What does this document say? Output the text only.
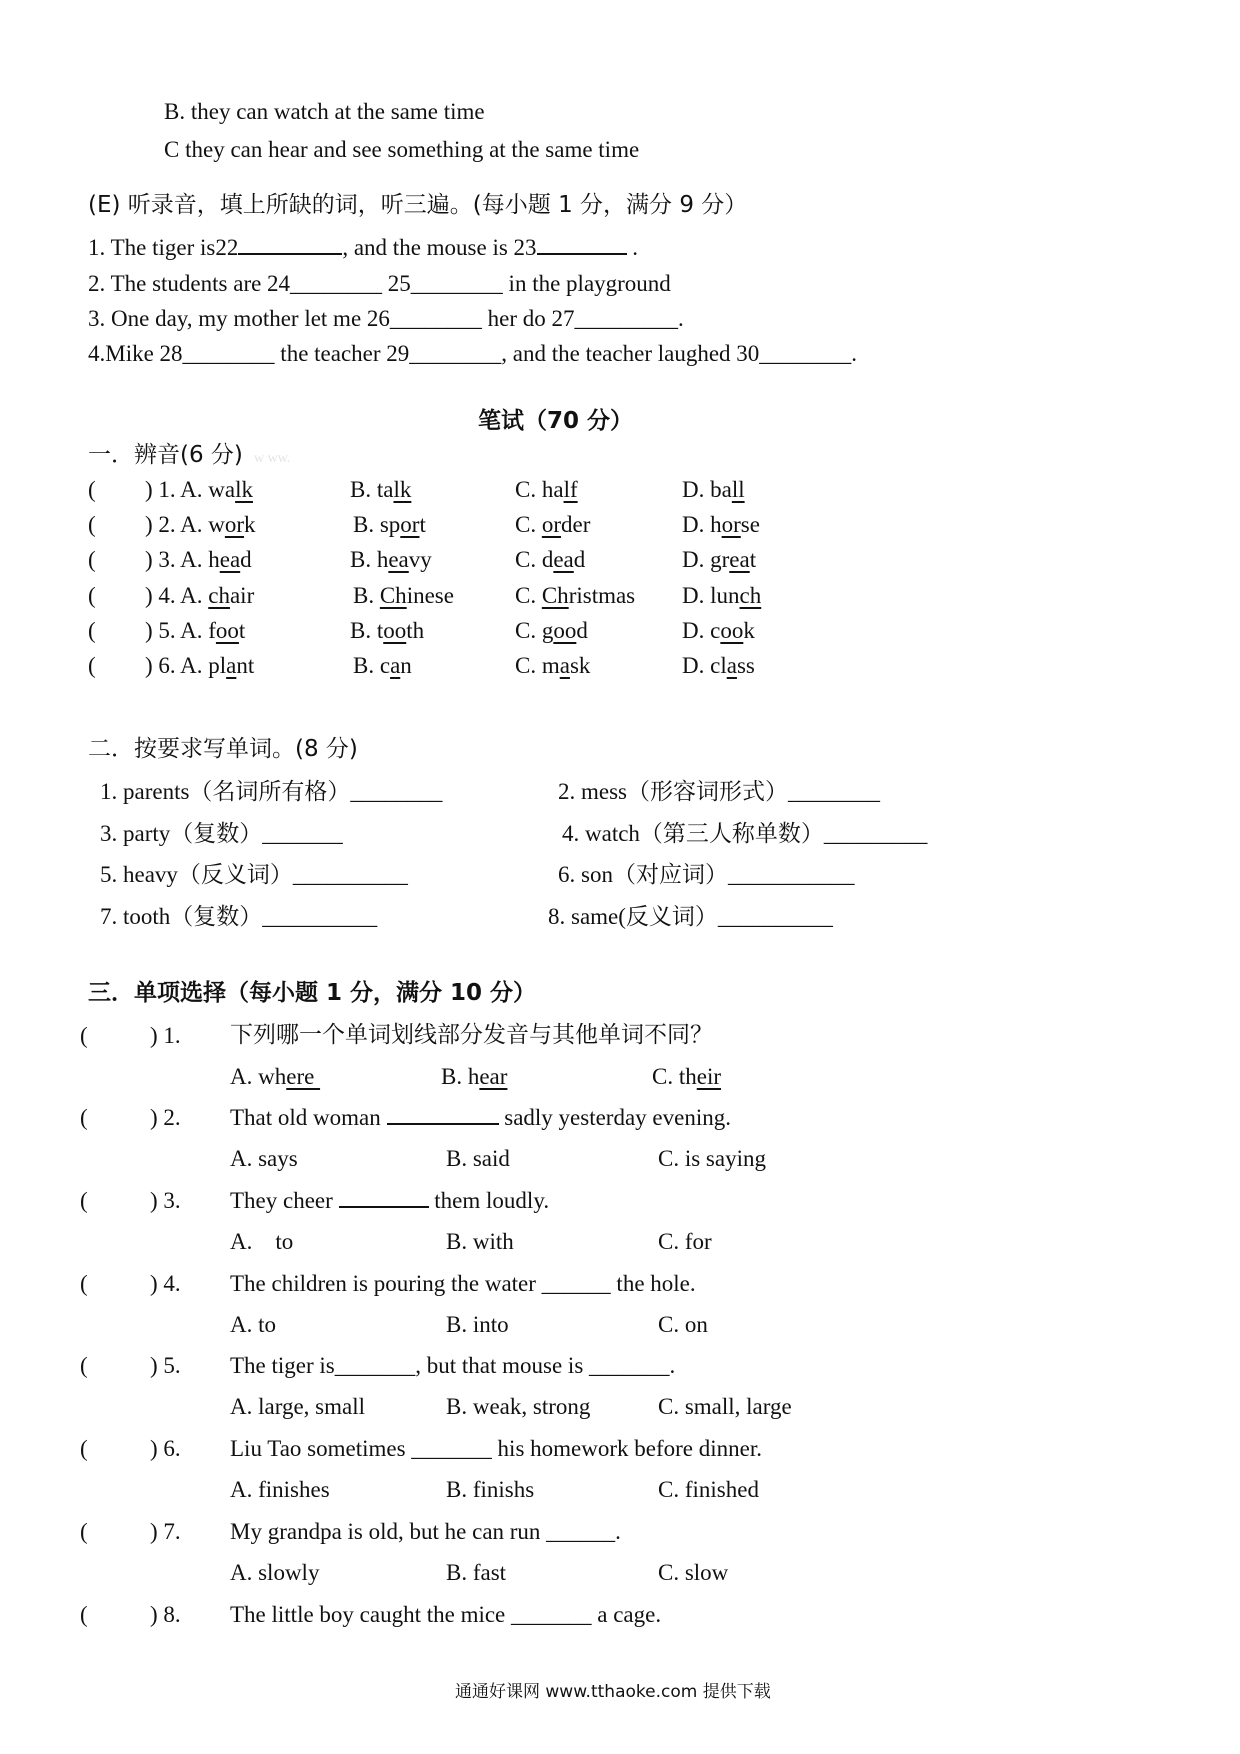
B. they can watch at the same time
C they can hear and see something at the same time
(E) 听录音，填上所缺的词，听三遍。(每小题 1 分，满分 9 分）
1. The tiger is22	, and the mouse is 23	.
2. The students are 24________ 25________ in the playground
3. One day, my mother let me 26________ her do 27_________.
4.Mike 28________ the teacher 29________, and the teacher laughed 30________.
笔试（70 分）
一．辨音(6 分) w ww.
( ) 1. A. walk	B. talk	C. half	D. ball
( ) 2. A. work	B. sport	C. order	D. horse
( ) 3. A. head	B. heavy	C. dead	D. great
( ) 4. A. chair	B. Chinese	C. Christmas D. lunch
( ) 5. A. foot	B. tooth	C. good	D. cook
( ) 6. A. plant	B. can	C. mask	D. class
二．按要求写单词。(8 分)
1. parents（名词所有格）________	2. mess（形容词形式）________
3. party（复数）_______	4. watch（第三人称单数）_________
5. heavy（反义词）__________	6. son（对应词）___________
7. tooth（复数）__________	8. same(反义词）__________
三．单项选择（每小题 1 分，满分 10 分）
(	) 1. 下列哪一个单词划线部分发音与其他单词不同？
A. where	B. hear	C. their
(	) 2. That old woman	sadly yesterday evening.
A. says	B. said	C. is saying
(	) 3. They cheer	them loudly.
A.    to	B. with	C. for
(	) 4. The children is pouring the water ______ the hole.
A. to	B. into	C. on
(	) 5. The tiger is_______, but that mouse is _______.
A. large, small	B. weak, strong	C. small, large
(	) 6. Liu Tao sometimes _______ his homework before dinner.
A. finishes	B. finishs	C. finished
(	) 7. My grandpa is old, but he can run ______.
A. slowly	B. fast	C. slow
(	) 8. The little boy caught the mice _______ a cage.
通通好课网 www.tthaoke.com 提供下载
